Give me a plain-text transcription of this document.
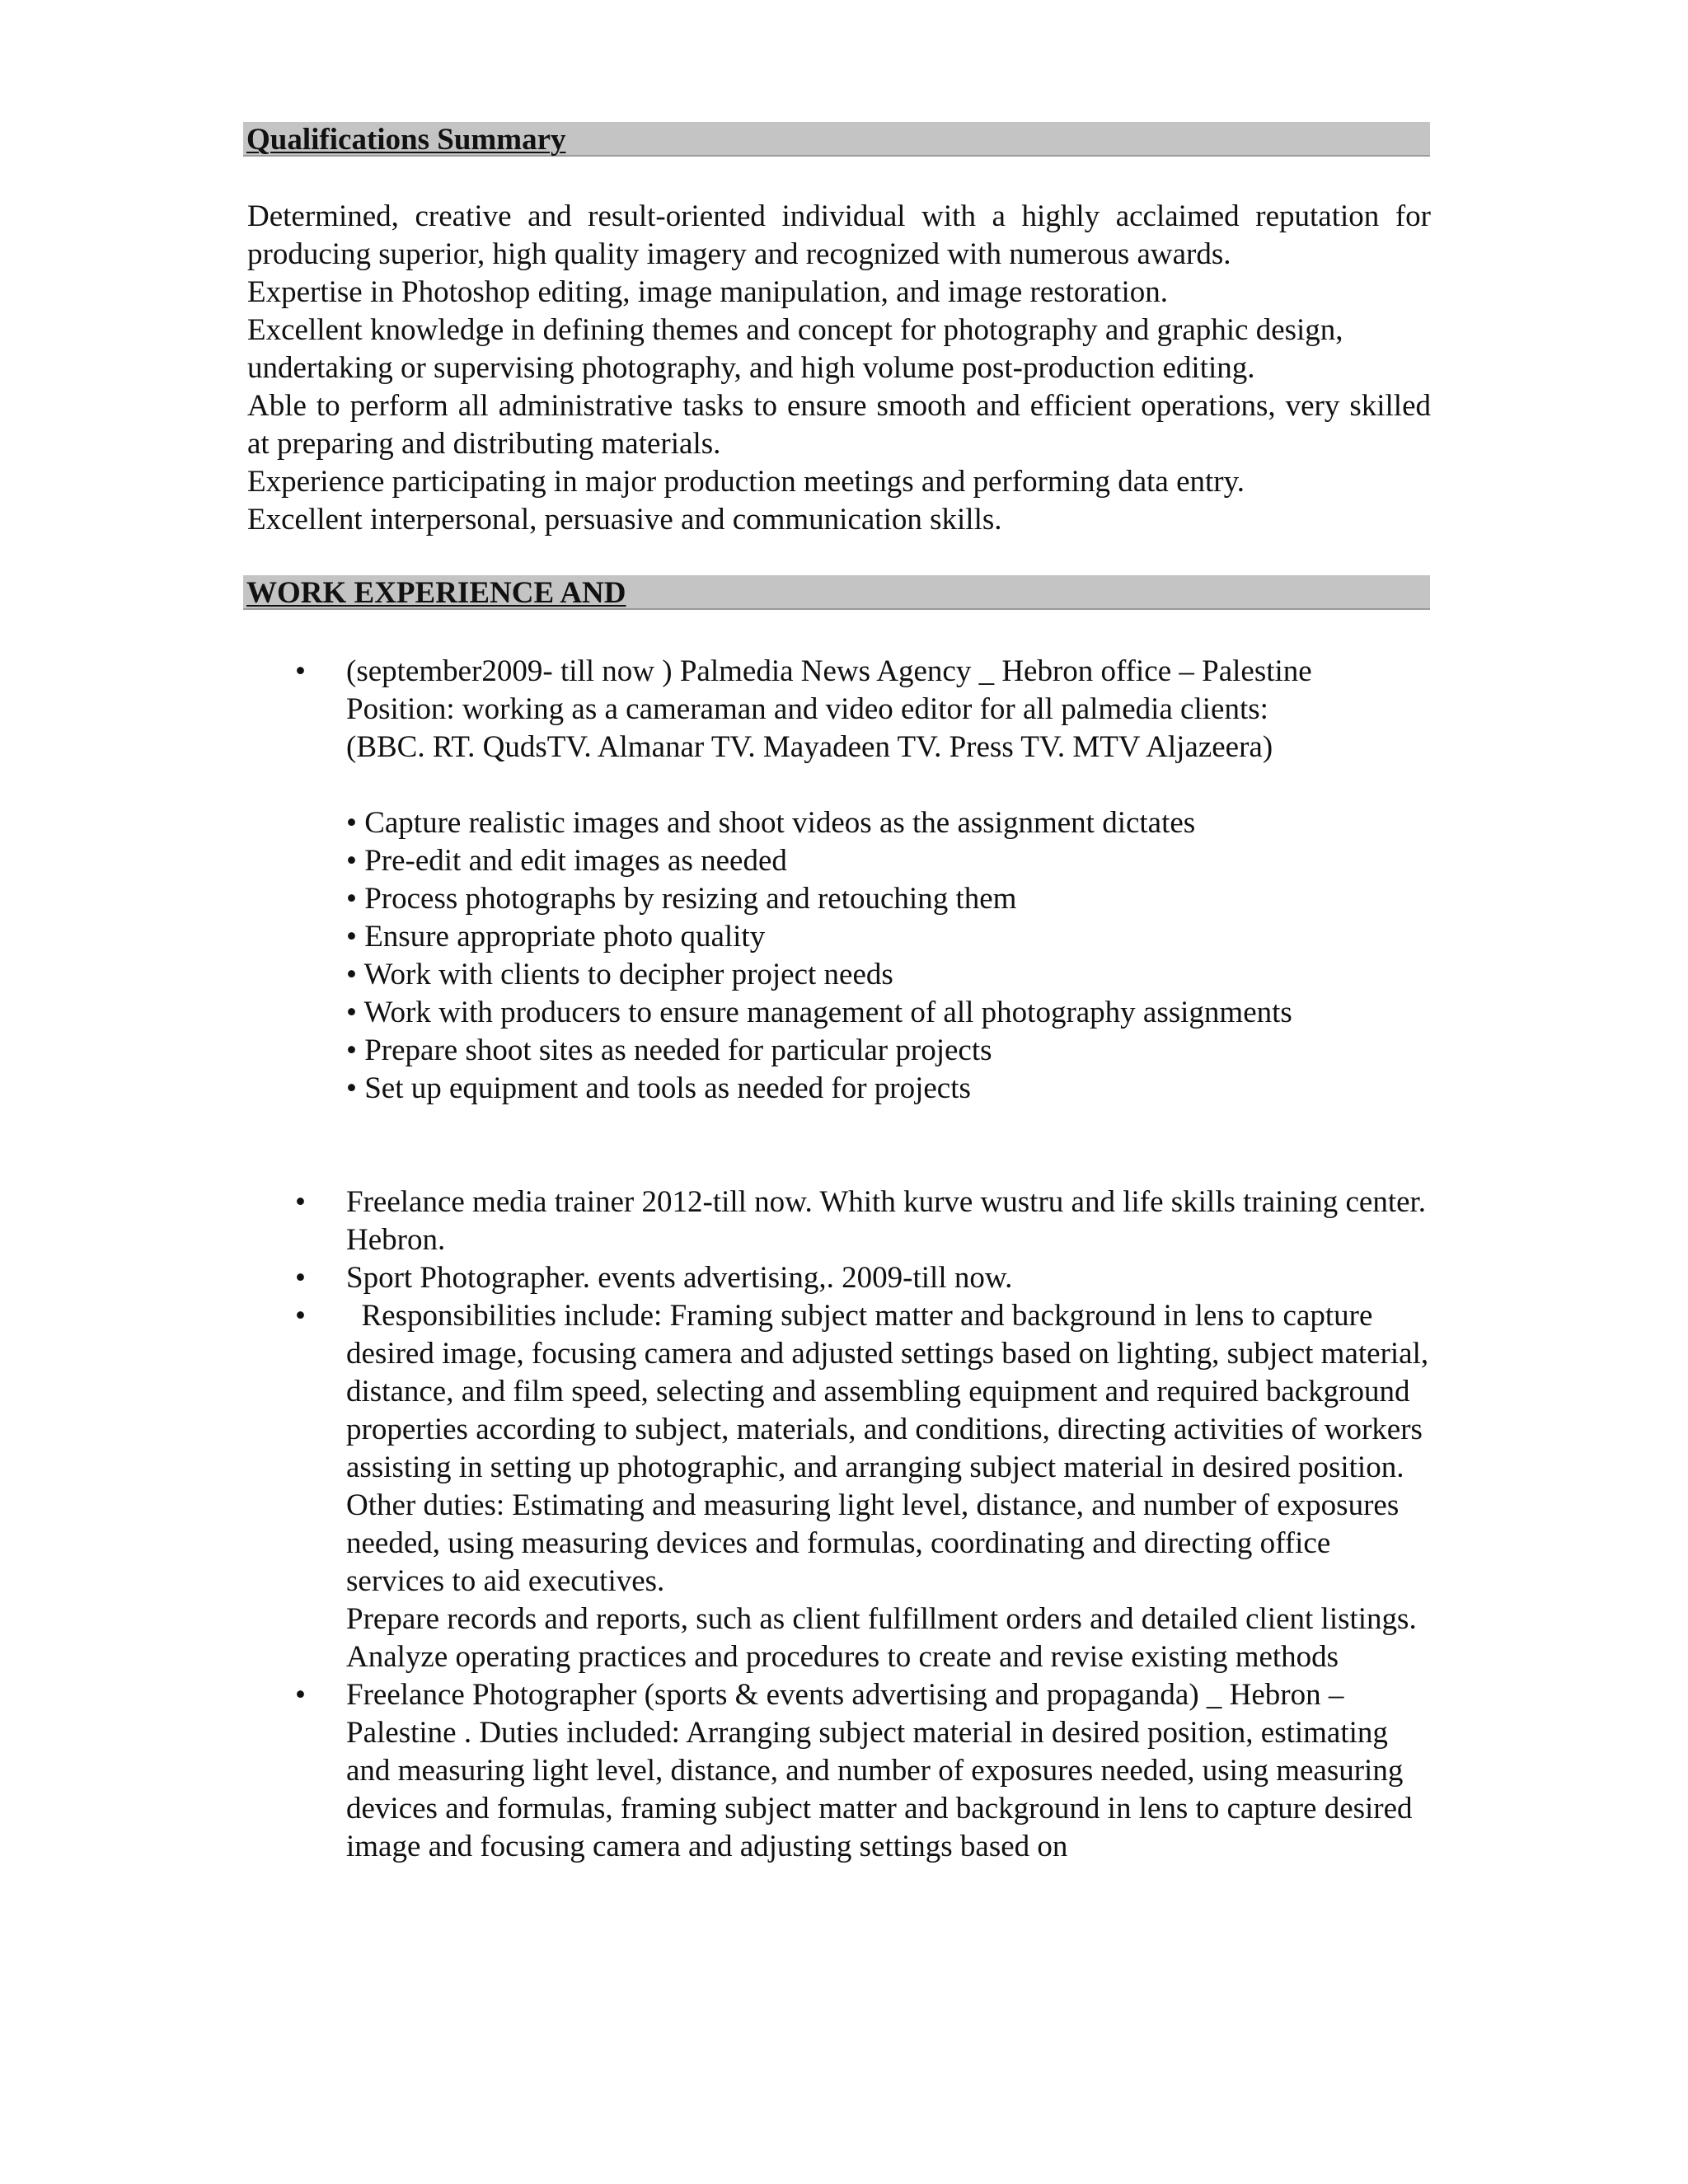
Qualifications Summary

Determined, creative and result-oriented individual with a highly acclaimed reputation for producing superior, high quality imagery and recognized with numerous awards.

Expertise in Photoshop editing, image manipulation, and image restoration.

Excellent knowledge in defining themes and concept for photography and graphic design, undertaking or supervising photography, and high volume post-production editing.

Able to perform all administrative tasks to ensure smooth and efficient operations, very skilled at preparing and distributing materials.

Experience participating in major production meetings and performing data entry.

Excellent interpersonal, persuasive and communication skills.

WORK EXPERIENCE AND
• (september2009- till now ) Palmedia News Agency _ Hebron office – Palestine

Position: working as a cameraman and video editor for all palmedia clients:

(BBC. RT. QudsTV. Almanar TV. Mayadeen TV. Press TV. MTV Aljazeera)

• Capture realistic images and shoot videos as the assignment dictates
• Pre-edit and edit images as needed
• Process photographs by resizing and retouching them
• Ensure appropriate photo quality
• Work with clients to decipher project needs
• Work with producers to ensure management of all photography assignments
• Prepare shoot sites as needed for particular projects
• Set up equipment and tools as needed for projects
• Freelance media trainer 2012-till now. Whith kurve wustru and life skills training center. Hebron.

• Sport Photographer. events advertising,. 2009-till now.

• Responsibilities include: Framing subject matter and background in lens to capture desired image, focusing camera and adjusted settings based on lighting, subject material, distance, and film speed, selecting and assembling equipment and required background properties according to subject, materials, and conditions, directing activities of workers assisting in setting up photographic, and arranging subject material in desired position.

Other duties: Estimating and measuring light level, distance, and number of exposures needed, using measuring devices and formulas, coordinating and directing office services to aid executives.

Prepare records and reports, such as client fulfillment orders and detailed client listings.

Analyze operating practices and procedures to create and revise existing methods

• Freelance Photographer (sports & events advertising and propaganda) _ Hebron – Palestine . Duties included: Arranging subject material in desired position, estimating and measuring light level, distance, and number of exposures needed, using measuring devices and formulas, framing subject matter and background in lens to capture desired image and focusing camera and adjusting settings based on
